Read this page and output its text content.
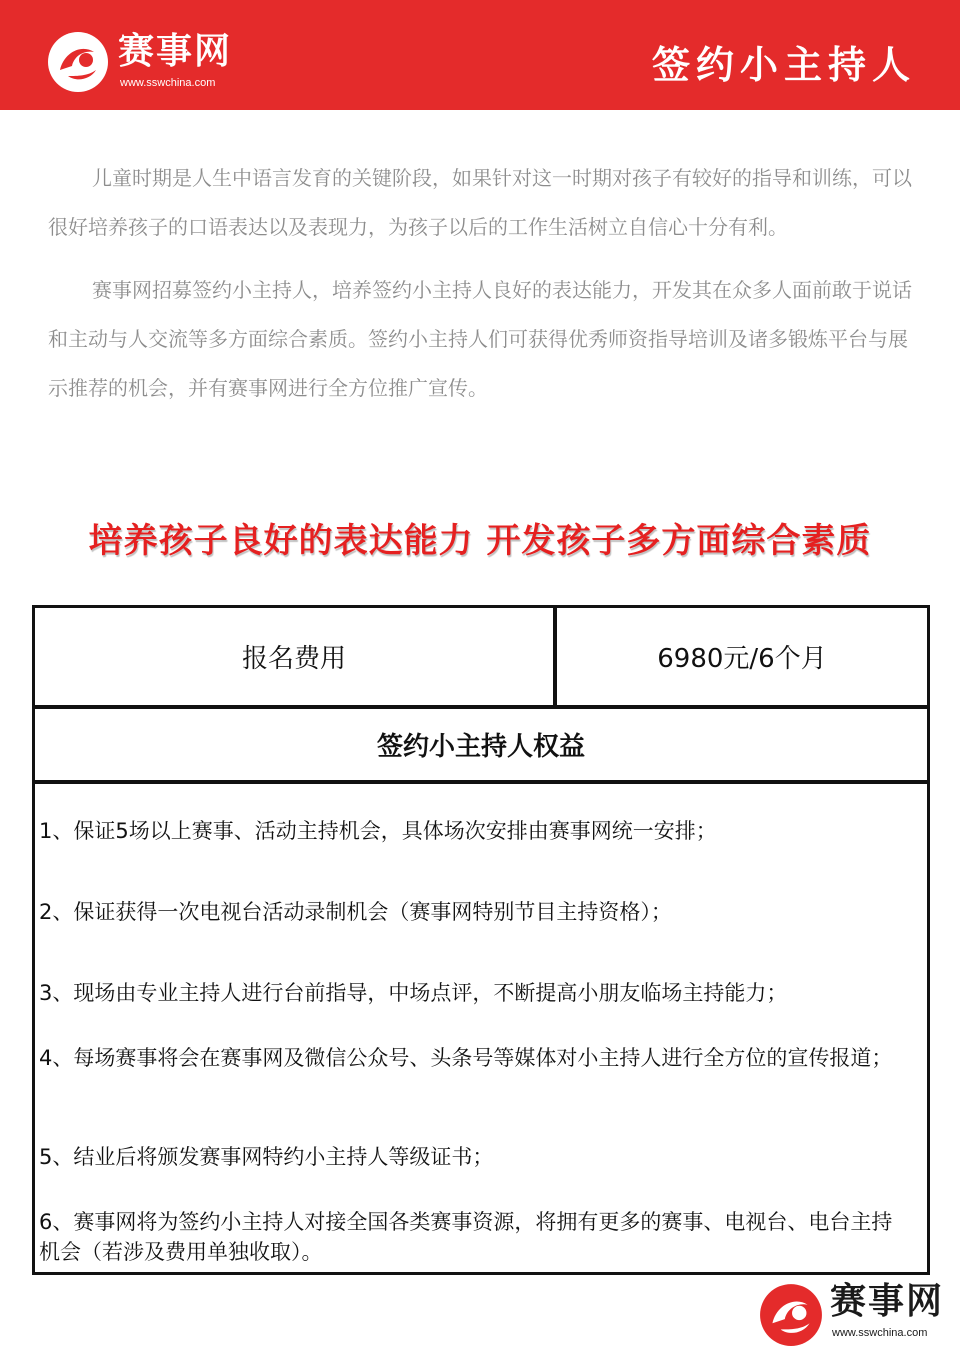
赛事网
www.sswchina.com	签约小主持人

儿童时期是人生中语言发育的关键阶段，如果针对这一时期对孩子有较好的指导和训练，可以很好培养孩子的口语表达以及表现力，为孩子以后的工作生活树立自信心十分有利。

赛事网招募签约小主持人，培养签约小主持人良好的表达能力，开发其在众多人面前敢于说话和主动与人交流等多方面综合素质。签约小主持人们可获得优秀师资指导培训及诸多锻炼平台与展示推荐的机会，并有赛事网进行全方位推广宣传。

培养孩子良好的表达能力 开发孩子多方面综合素质
报名费用	6980元/6个月
签约小主持人权益
1、保证5场以上赛事、活动主持机会，具体场次安排由赛事网统一安排；
2、保证获得一次电视台活动录制机会（赛事网特别节目主持资格）；
3、现场由专业主持人进行台前指导，中场点评，不断提高小朋友临场主持能力；
4、每场赛事将会在赛事网及微信公众号、头条号等媒体对小主持人进行全方位的宣传报道；
5、结业后将颁发赛事网特约小主持人等级证书；
6、赛事网将为签约小主持人对接全国各类赛事资源，将拥有更多的赛事、电视台、电台主持机会（若涉及费用单独收取）。
赛事网
www.sswchina.com
